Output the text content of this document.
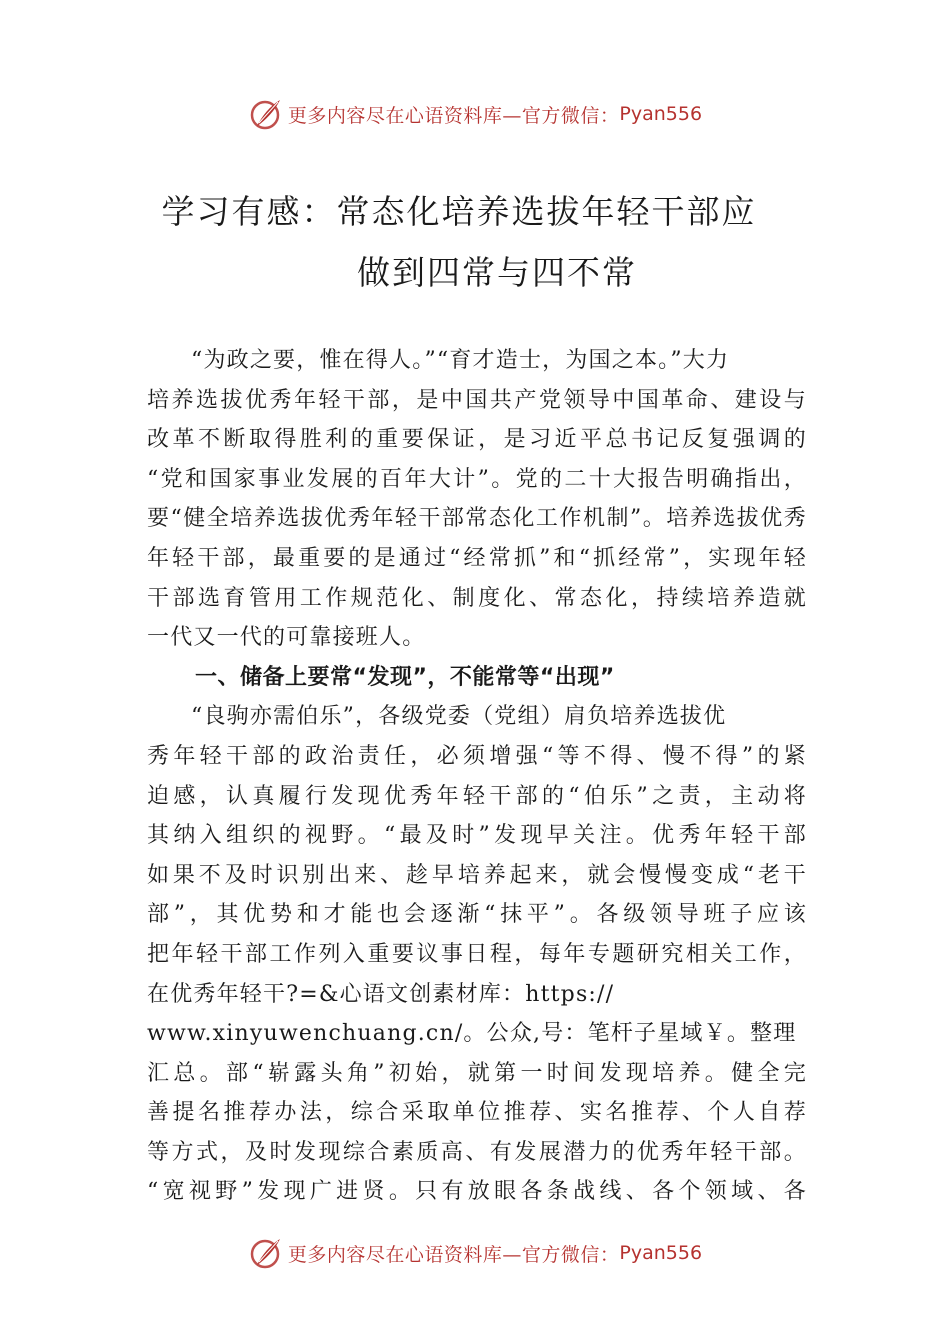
更多内容尽在心语资料库—官方微信： Pyan556
学习有感：常态化培养选拔年轻干部应
做到四常与四不常
“为政之要，惟在得人。”“育才造士，为国之本。”大力
培养选拔优秀年轻干部，是中国共产党领导中国革命、建设与
改革不断取得胜利的重要保证，是习近平总书记反复强调的
“党和国家事业发展的百年大计”。党的二十大报告明确指出，
要“健全培养选拔优秀年轻干部常态化工作机制”。培养选拔优秀
年轻干部，最重要的是通过“经常抓”和“抓经常”，实现年轻
干部选育管用工作规范化、制度化、常态化，持续培养造就
一代又一代的可靠接班人。
一、储备上要常“发现”，不能常等“出现”
“良驹亦需伯乐”，各级党委（党组）肩负培养选拔优
秀年轻干部的政治责任，必须增强“等不得、慢不得”的紧
迫感，认真履行发现优秀年轻干部的“伯乐”之责，主动将
其纳入组织的视野。“最及时”发现早关注。优秀年轻干部
如果不及时识别出来、趁早培养起来，就会慢慢变成“老干
部”，其优势和才能也会逐渐“抹平”。各级领导班子应该
把年轻干部工作列入重要议事日程，每年专题研究相关工作，
在优秀年轻干?=&心语文创素材库：https://
www.xinyuwenchuang.cn/。公众,号：笔杆子星域￥。整理
汇总。部“崭露头角”初始，就第一时间发现培养。健全完
善提名推荐办法，综合采取单位推荐、实名推荐、个人自荐
等方式，及时发现综合素质高、有发展潜力的优秀年轻干部。
“宽视野”发现广进贤。只有放眼各条战线、各个领域、各
更多内容尽在心语资料库—官方微信： Pyan556
